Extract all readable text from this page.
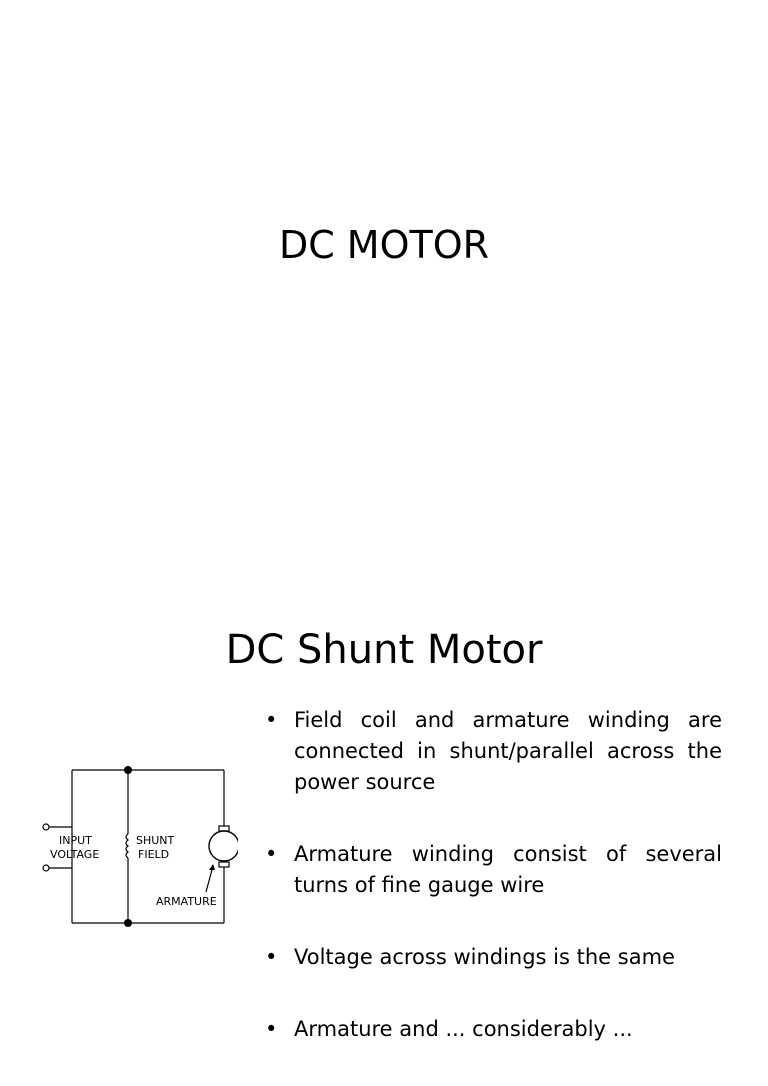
DC MOTOR
DC Shunt Motor
INPUT
VOLTAGE
SHUNT
FIELD
ARMATURE
• Field coil and armature winding are connected in shunt/parallel across the power source
• Armature winding consist of several turns of fine gauge wire
• Voltage across windings is the same
• Armature and ... considerably ...
